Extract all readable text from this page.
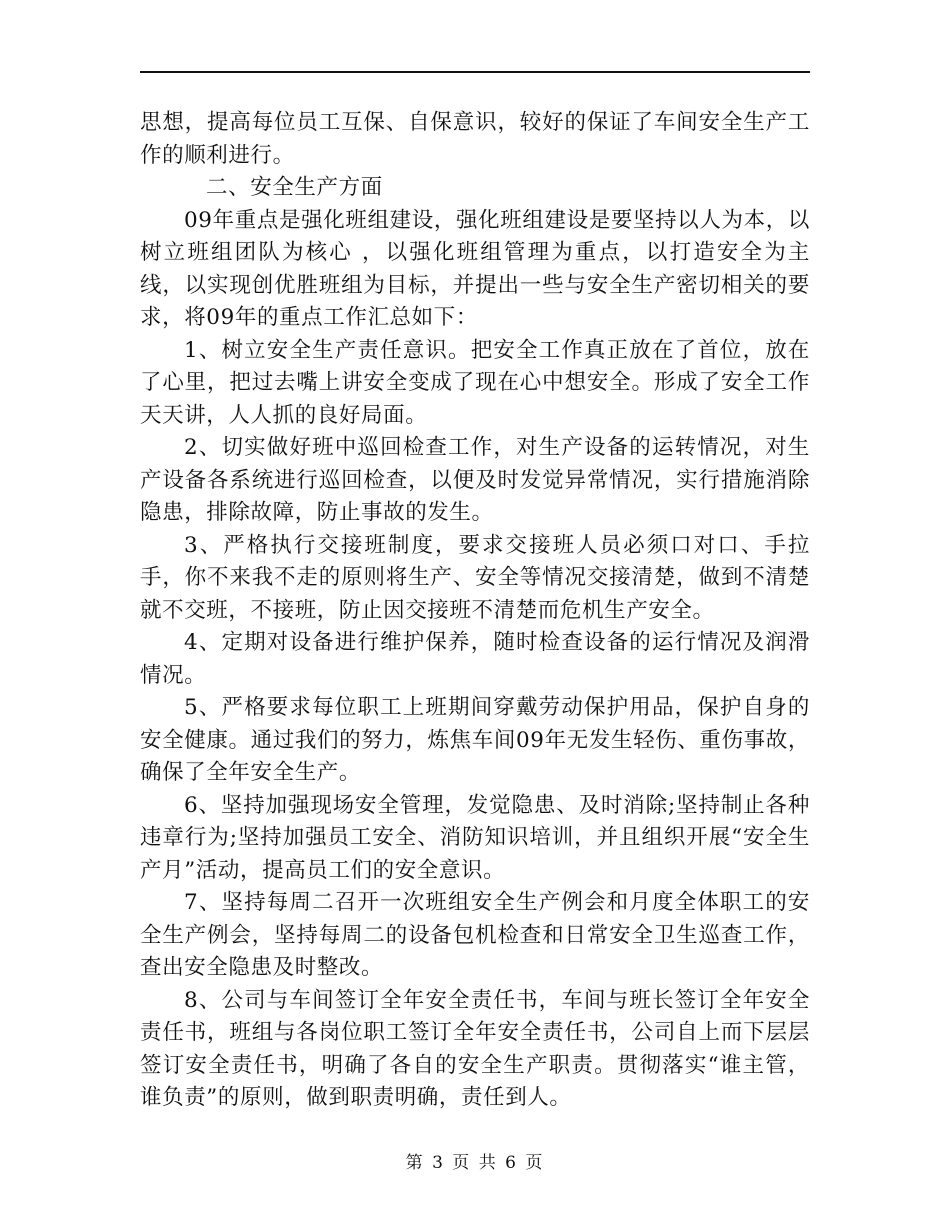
思想，提高每位员工互保、自保意识，较好的保证了车间安全生产工作的顺利进行。

二、安全生产方面

09年重点是强化班组建设，强化班组建设是要坚持以人为本，以树立班组团队为核心 ，以强化班组管理为重点，以打造安全为主线，以实现创优胜班组为目标，并提出一些与安全生产密切相关的要求，将09年的重点工作汇总如下：

1、树立安全生产责任意识。把安全工作真正放在了首位，放在了心里，把过去嘴上讲安全变成了现在心中想安全。形成了安全工作天天讲，人人抓的良好局面。

2、切实做好班中巡回检查工作，对生产设备的运转情况，对生产设备各系统进行巡回检查，以便及时发觉异常情况，实行措施消除隐患，排除故障，防止事故的发生。

3、严格执行交接班制度，要求交接班人员必须口对口、手拉手，你不来我不走的原则将生产、安全等情况交接清楚，做到不清楚就不交班，不接班，防止因交接班不清楚而危机生产安全。

4、定期对设备进行维护保养，随时检查设备的运行情况及润滑情况。

5、严格要求每位职工上班期间穿戴劳动保护用品，保护自身的安全健康。通过我们的努力，炼焦车间09年无发生轻伤、重伤事故，确保了全年安全生产。

6、坚持加强现场安全管理，发觉隐患、及时消除;坚持制止各种违章行为;坚持加强员工安全、消防知识培训，并且组织开展“安全生产月”活动，提高员工们的安全意识。

7、坚持每周二召开一次班组安全生产例会和月度全体职工的安全生产例会，坚持每周二的设备包机检查和日常安全卫生巡查工作，查出安全隐患及时整改。

8、公司与车间签订全年安全责任书，车间与班长签订全年安全责任书，班组与各岗位职工签订全年安全责任书，公司自上而下层层签订安全责任书，明确了各自的安全生产职责。贯彻落实“谁主管，谁负责”的原则，做到职责明确，责任到人。

第 3 页 共 6 页
